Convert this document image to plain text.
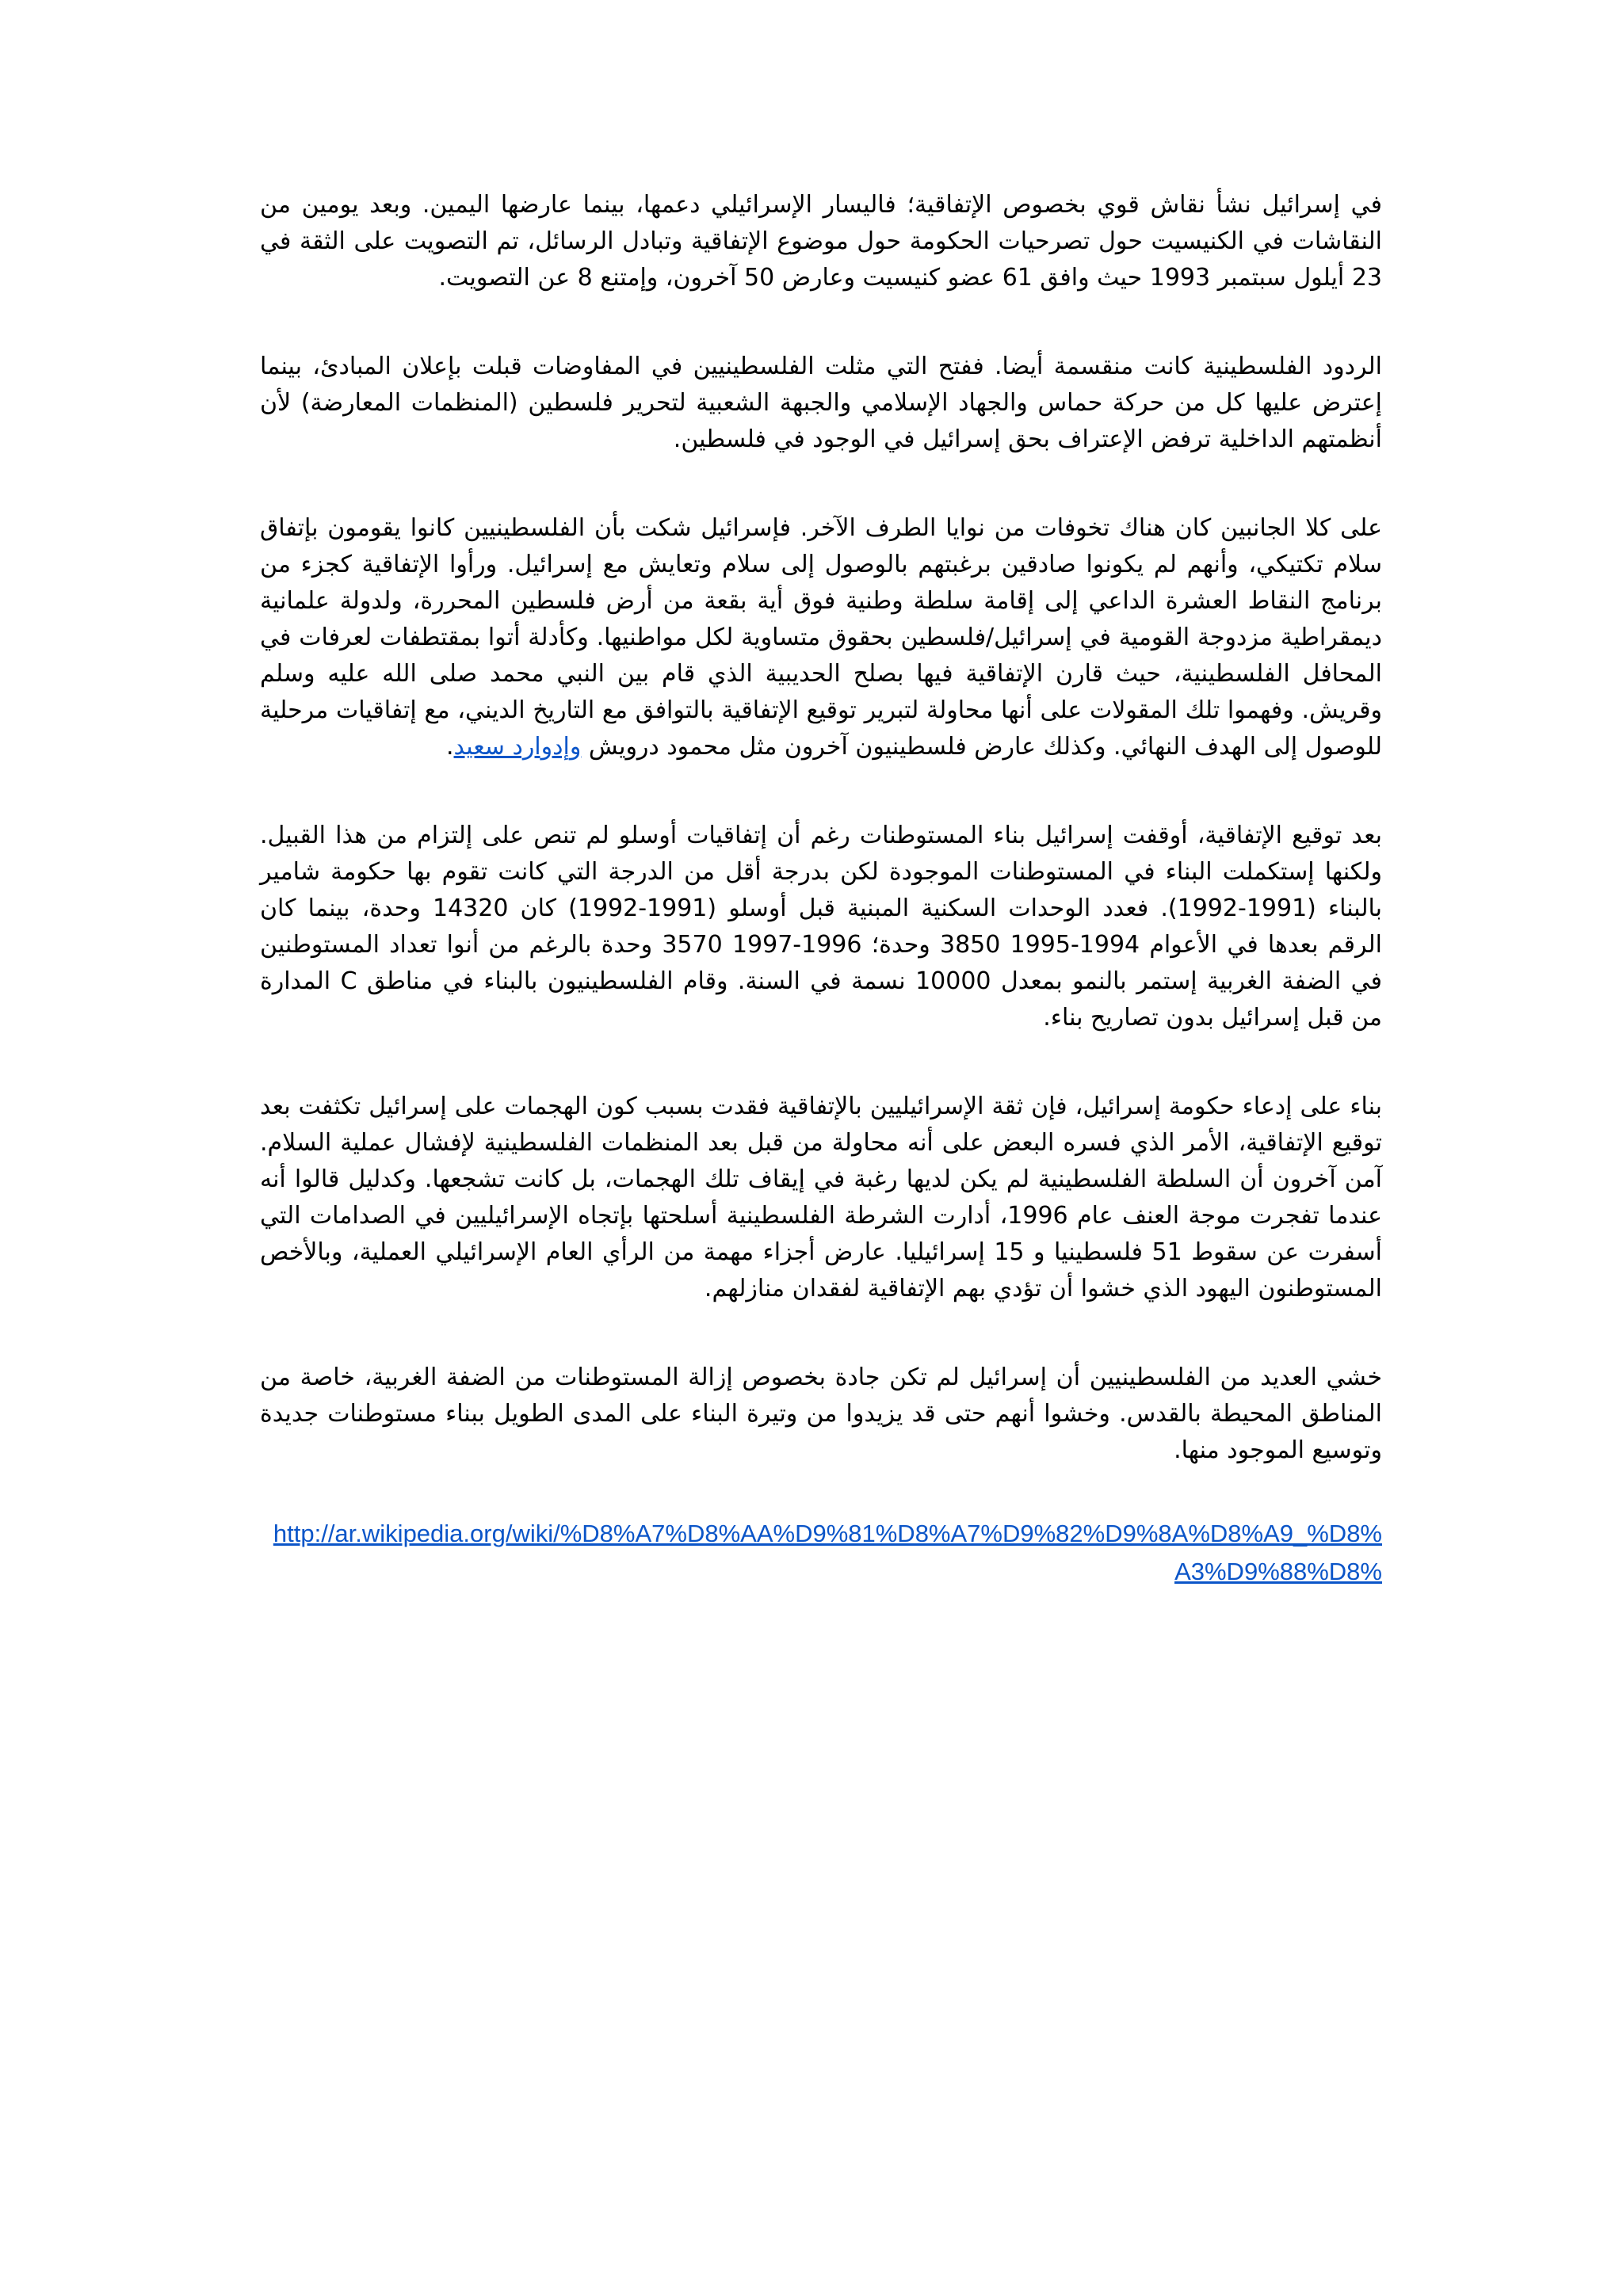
في إسرائيل نشأ نقاش قوي بخصوص الإتفاقية؛ فاليسار الإسرائيلي دعمها، بينما عارضها اليمين. وبعد يومين من النقاشات في الكنيسيت حول تصرحيات الحكومة حول موضوع الإتفاقية وتبادل الرسائل، تم التصويت على الثقة في 23 أيلول سبتمبر 1993 حيث وافق 61 عضو كنيسيت وعارض 50 آخرون، وإمتنع 8 عن التصويت.

الردود الفلسطينية كانت منقسمة أيضا. ففتح التي مثلت الفلسطينيين في المفاوضات قبلت بإعلان المبادئ، بينما إعترض عليها كل من حركة حماس والجهاد الإسلامي والجبهة الشعبية لتحرير فلسطين (المنظمات المعارضة) لأن أنظمتهم الداخلية ترفض الإعتراف بحق إسرائيل في الوجود في فلسطين.

على كلا الجانبين كان هناك تخوفات من نوايا الطرف الآخر. فإسرائيل شكت بأن الفلسطينيين كانوا يقومون بإتفاق سلام تكتيكي، وأنهم لم يكونوا صادقين برغبتهم بالوصول إلى سلام وتعايش مع إسرائيل. ورأوا الإتفاقية كجزء من برنامج النقاط العشرة الداعي إلى إقامة سلطة وطنية فوق أية بقعة من أرض فلسطين المحررة، ولدولة علمانية ديمقراطية مزدوجة القومية في إسرائيل/فلسطين بحقوق متساوية لكل مواطنيها. وكأدلة أتوا بمقتطفات لعرفات في المحافل الفلسطينية، حيث قارن الإتفاقية فيها بصلح الحديبية الذي قام بين النبي محمد صلى الله عليه وسلم وقريش. وفهموا تلك المقولات على أنها محاولة لتبرير توقيع الإتفاقية بالتوافق مع التاريخ الديني، مع إتفاقيات مرحلية للوصول إلى الهدف النهائي. وكذلك عارض فلسطينيون آخرون مثل محمود درويش وإدوارد سعيد.

بعد توقيع الإتفاقية، أوقفت إسرائيل بناء المستوطنات رغم أن إتفاقيات أوسلو لم تنص على إلتزام من هذا القبيل. ولكنها إستكملت البناء في المستوطنات الموجودة لكن بدرجة أقل من الدرجة التي كانت تقوم بها حكومة شامير بالبناء (1991-1992). فعدد الوحدات السكنية المبنية قبل أوسلو (1991-1992) كان 14320 وحدة، بينما كان الرقم بعدها في الأعوام 1994-1995 3850 وحدة؛ 1996-1997 3570 وحدة بالرغم من أنوا تعداد المستوطنين في الضفة الغربية إستمر بالنمو بمعدل 10000 نسمة في السنة. وقام الفلسطينيون بالبناء في مناطق C المدارة من قبل إسرائيل بدون تصاريح بناء.

بناء على إدعاء حكومة إسرائيل، فإن ثقة الإسرائيليين بالإتفاقية فقدت بسبب كون الهجمات على إسرائيل تكثفت بعد توقيع الإتفاقية، الأمر الذي فسره البعض على أنه محاولة من قبل بعد المنظمات الفلسطينية لإفشال عملية السلام. آمن آخرون أن السلطة الفلسطينية لم يكن لديها رغبة في إيقاف تلك الهجمات، بل كانت تشجعها. وكدليل قالوا أنه عندما تفجرت موجة العنف عام 1996، أدارت الشرطة الفلسطينية أسلحتها بإتجاه الإسرائيليين في الصدامات التي أسفرت عن سقوط 51 فلسطينيا و 15 إسرائيليا. عارض أجزاء مهمة من الرأي العام الإسرائيلي العملية، وبالأخص المستوطنون اليهود الذي خشوا أن تؤدي بهم الإتفاقية لفقدان منازلهم.

خشي العديد من الفلسطينيين أن إسرائيل لم تكن جادة بخصوص إزالة المستوطنات من الضفة الغربية، خاصة من المناطق المحيطة بالقدس. وخشوا أنهم حتى قد يزيدوا من وتيرة البناء على المدى الطويل ببناء مستوطنات جديدة وتوسيع الموجود منها.

http://ar.wikipedia.org/wiki/%D8%A7%D8%AA%D9%81%D8%A7%D9%82%D9%8A%D8%A9_%D8%A3%D9%88%D8%
